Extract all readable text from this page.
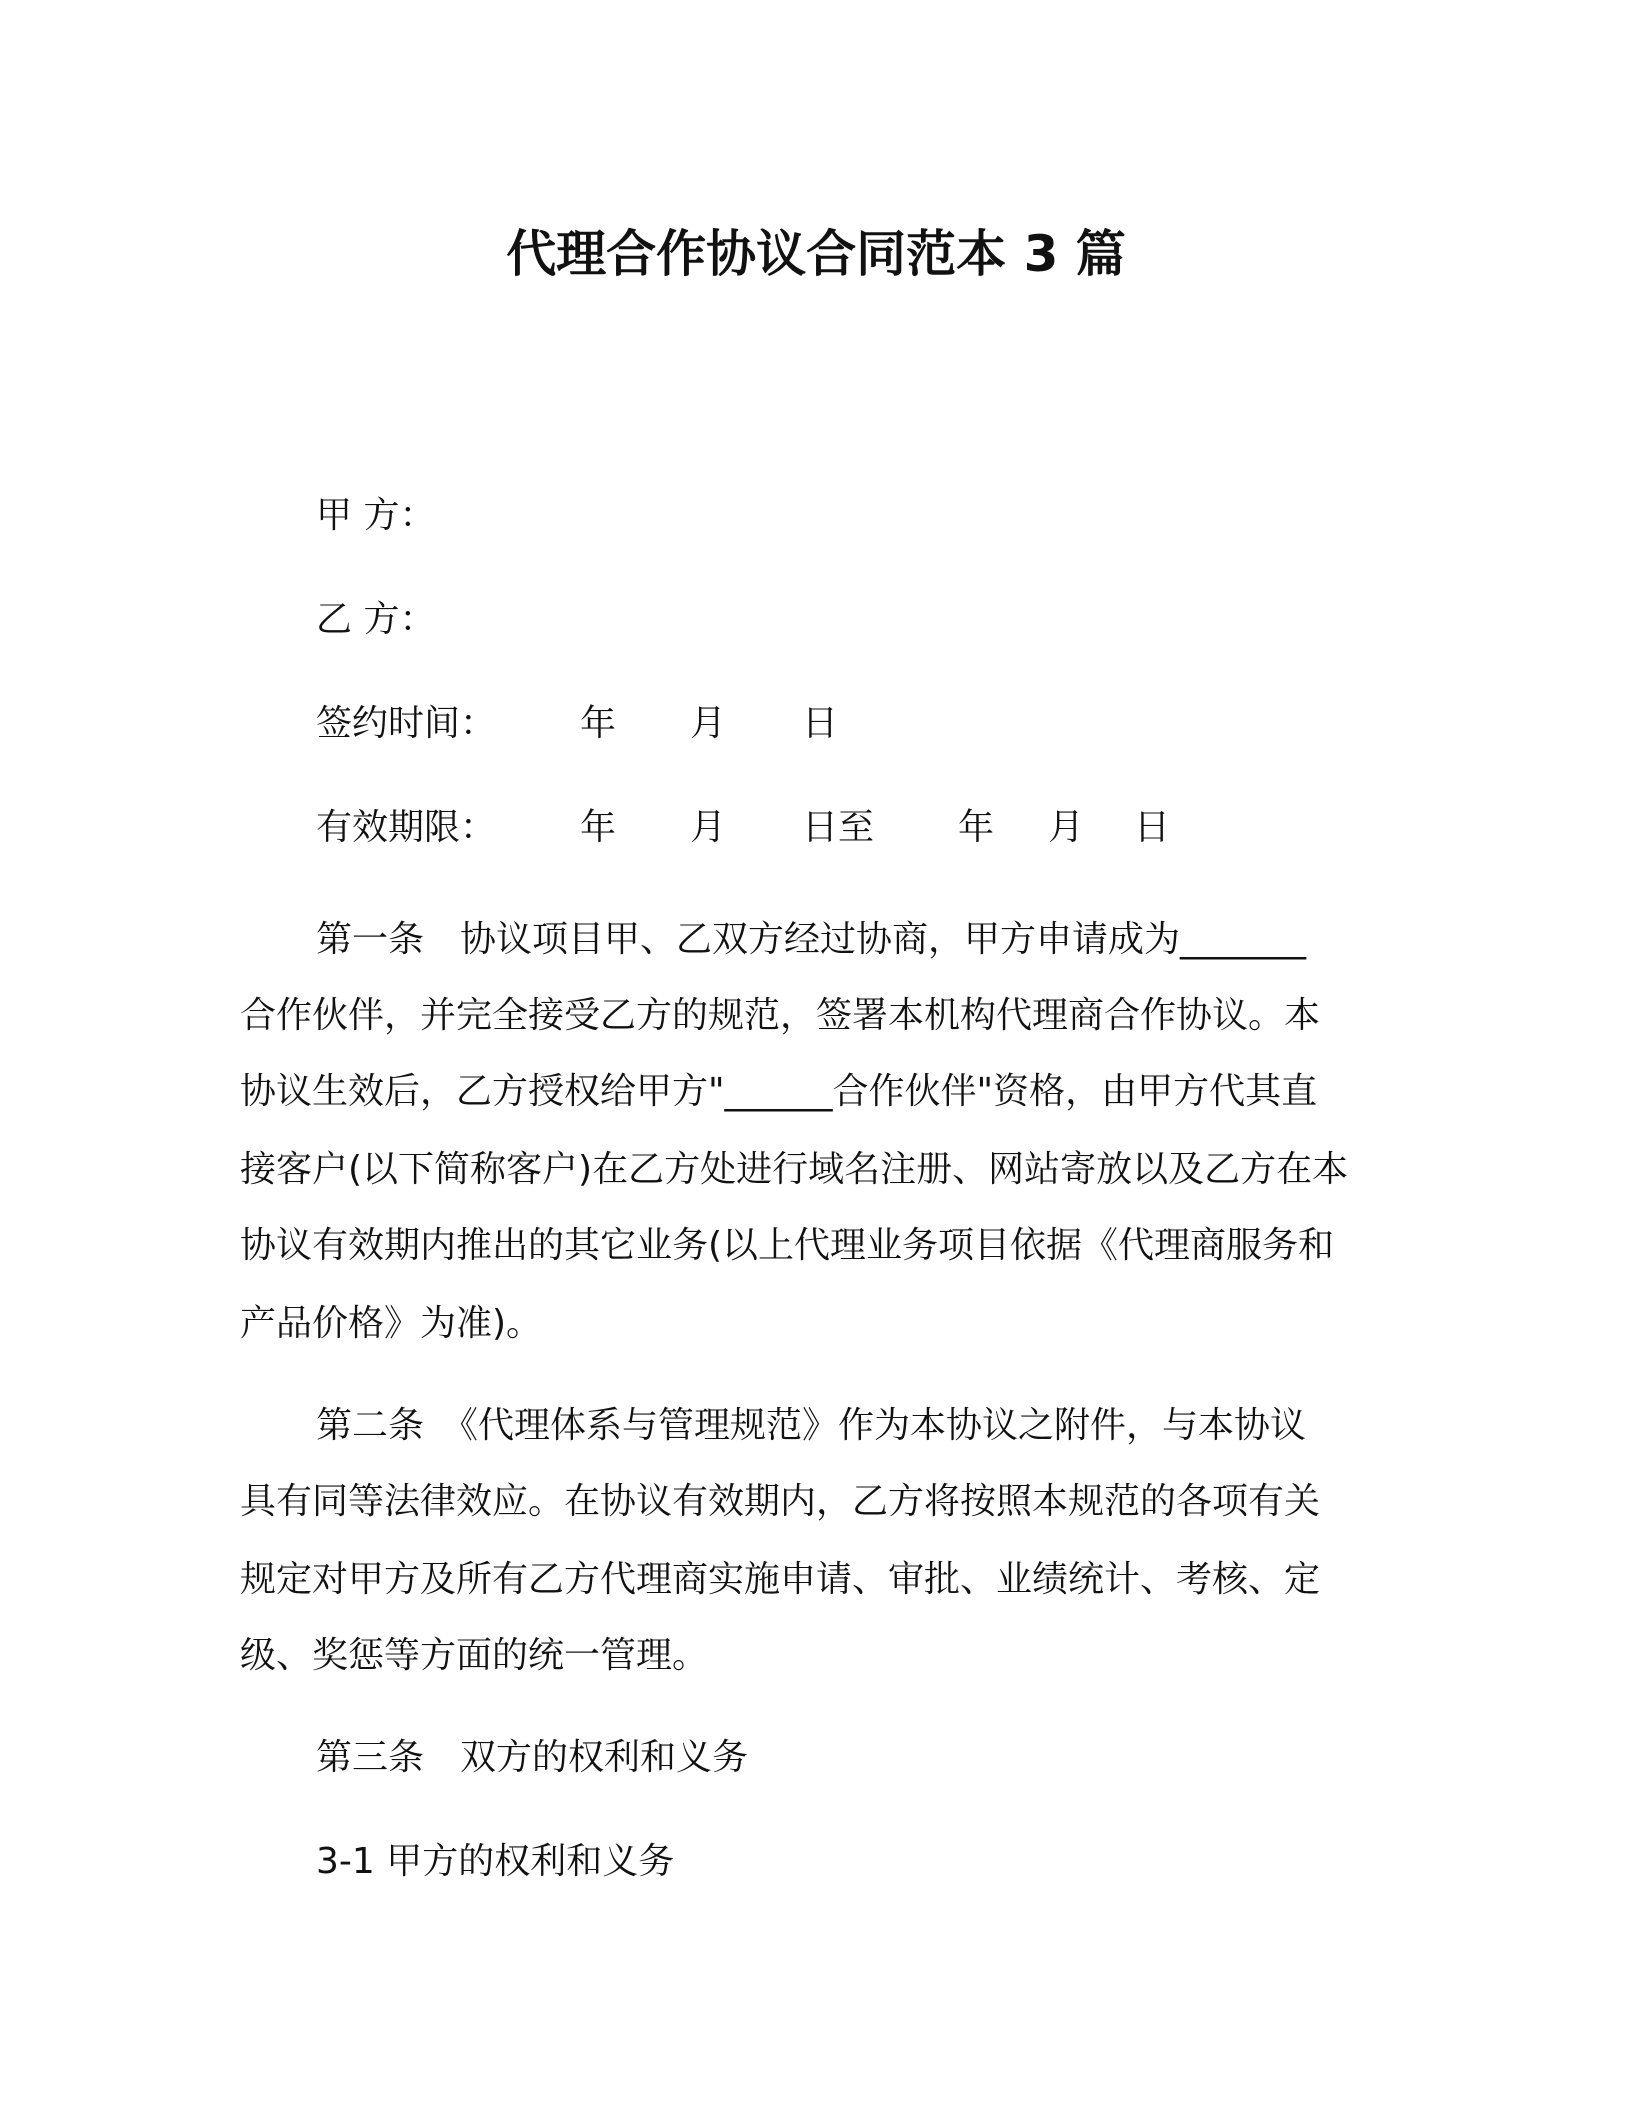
代理合作协议合同范本 3 篇
甲 方：
乙 方：
签约时间： 年 月 日
有效期限： 年 月 日至 年 月 日
第一条　协议项目甲、乙双方经过协商，甲方申请成为_______
合作伙伴，并完全接受乙方的规范，签署本机构代理商合作协议。本
协议生效后，乙方授权给甲方"______合作伙伴"资格，由甲方代其直
接客户(以下简称客户)在乙方处进行域名注册、网站寄放以及乙方在本
协议有效期内推出的其它业务(以上代理业务项目依据《代理商服务和
产品价格》为准)。
第二条　《代理体系与管理规范》作为本协议之附件，与本协议
具有同等法律效应。在协议有效期内，乙方将按照本规范的各项有关
规定对甲方及所有乙方代理商实施申请、审批、业绩统计、考核、定
级、奖惩等方面的统一管理。
第三条　双方的权利和义务
3-1 甲方的权利和义务
